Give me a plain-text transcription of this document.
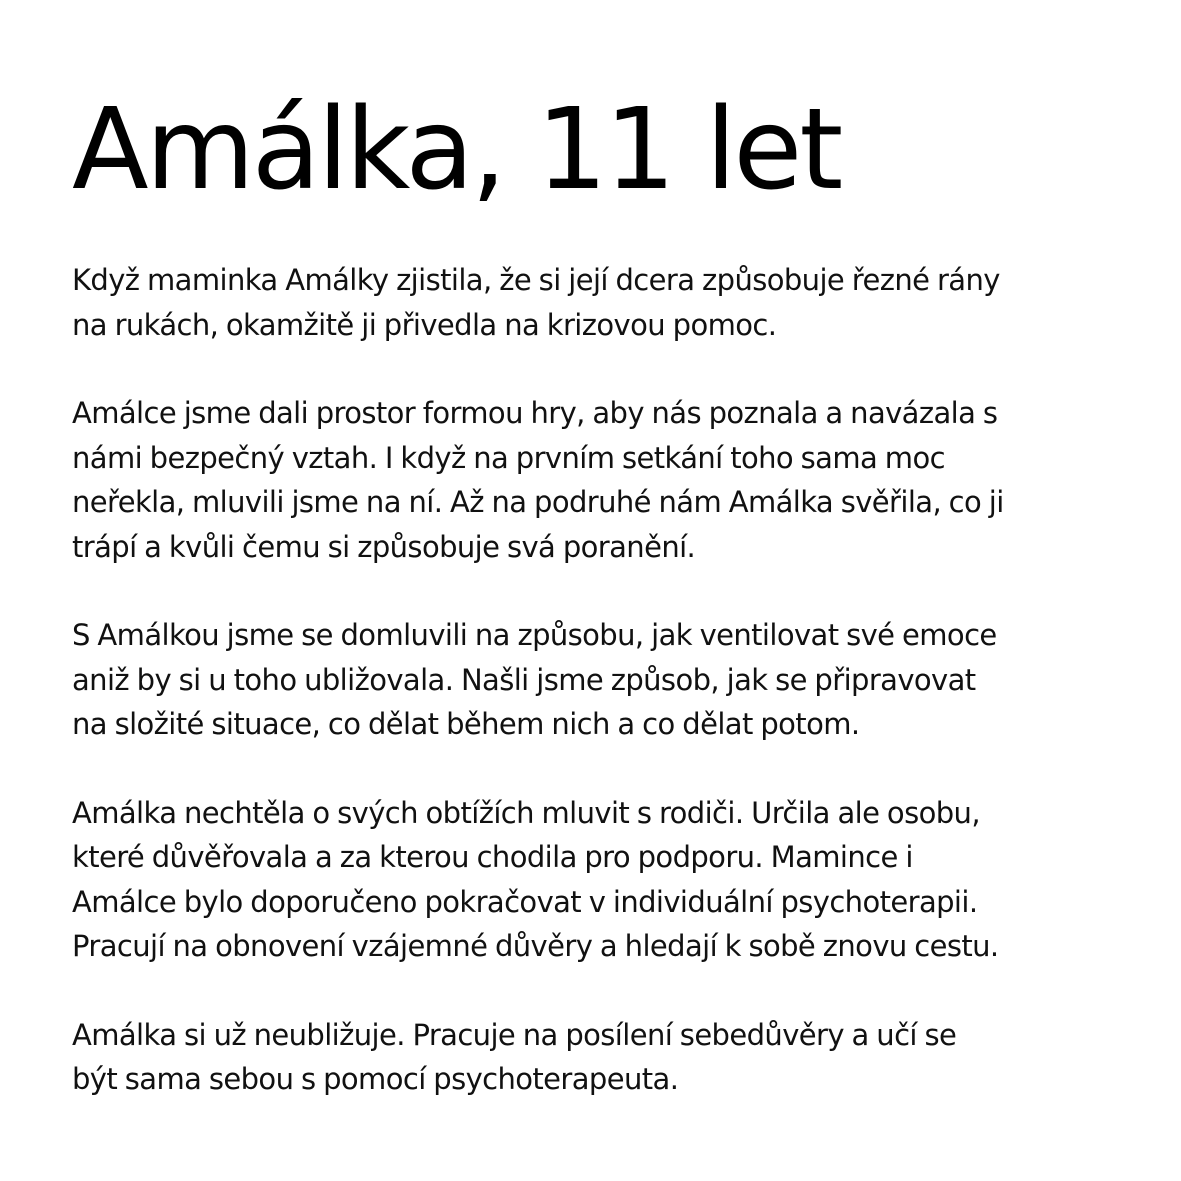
Amálka, 11 let

Když maminka Amálky zjistila, že si její dcera způsobuje řezné rány
na rukách, okamžitě ji přivedla na krizovou pomoc.

Amálce jsme dali prostor formou hry, aby nás poznala a navázala s
námi bezpečný vztah. I když na prvním setkání toho sama moc
neřekla, mluvili jsme na ní. Až na podruhé nám Amálka svěřila, co ji
trápí a kvůli čemu si způsobuje svá poranění.

S Amálkou jsme se domluvili na způsobu, jak ventilovat své emoce
aniž by si u toho ubližovala. Našli jsme způsob, jak se připravovat
na složité situace, co dělat během nich a co dělat potom.

Amálka nechtěla o svých obtížích mluvit s rodiči. Určila ale osobu,
které důvěřovala a za kterou chodila pro podporu. Mamince i
Amálce bylo doporučeno pokračovat v individuální psychoterapii.
Pracují na obnovení vzájemné důvěry a hledají k sobě znovu cestu.

Amálka si už neubližuje. Pracuje na posílení sebedůvěry a učí se
být sama sebou s pomocí psychoterapeuta.
